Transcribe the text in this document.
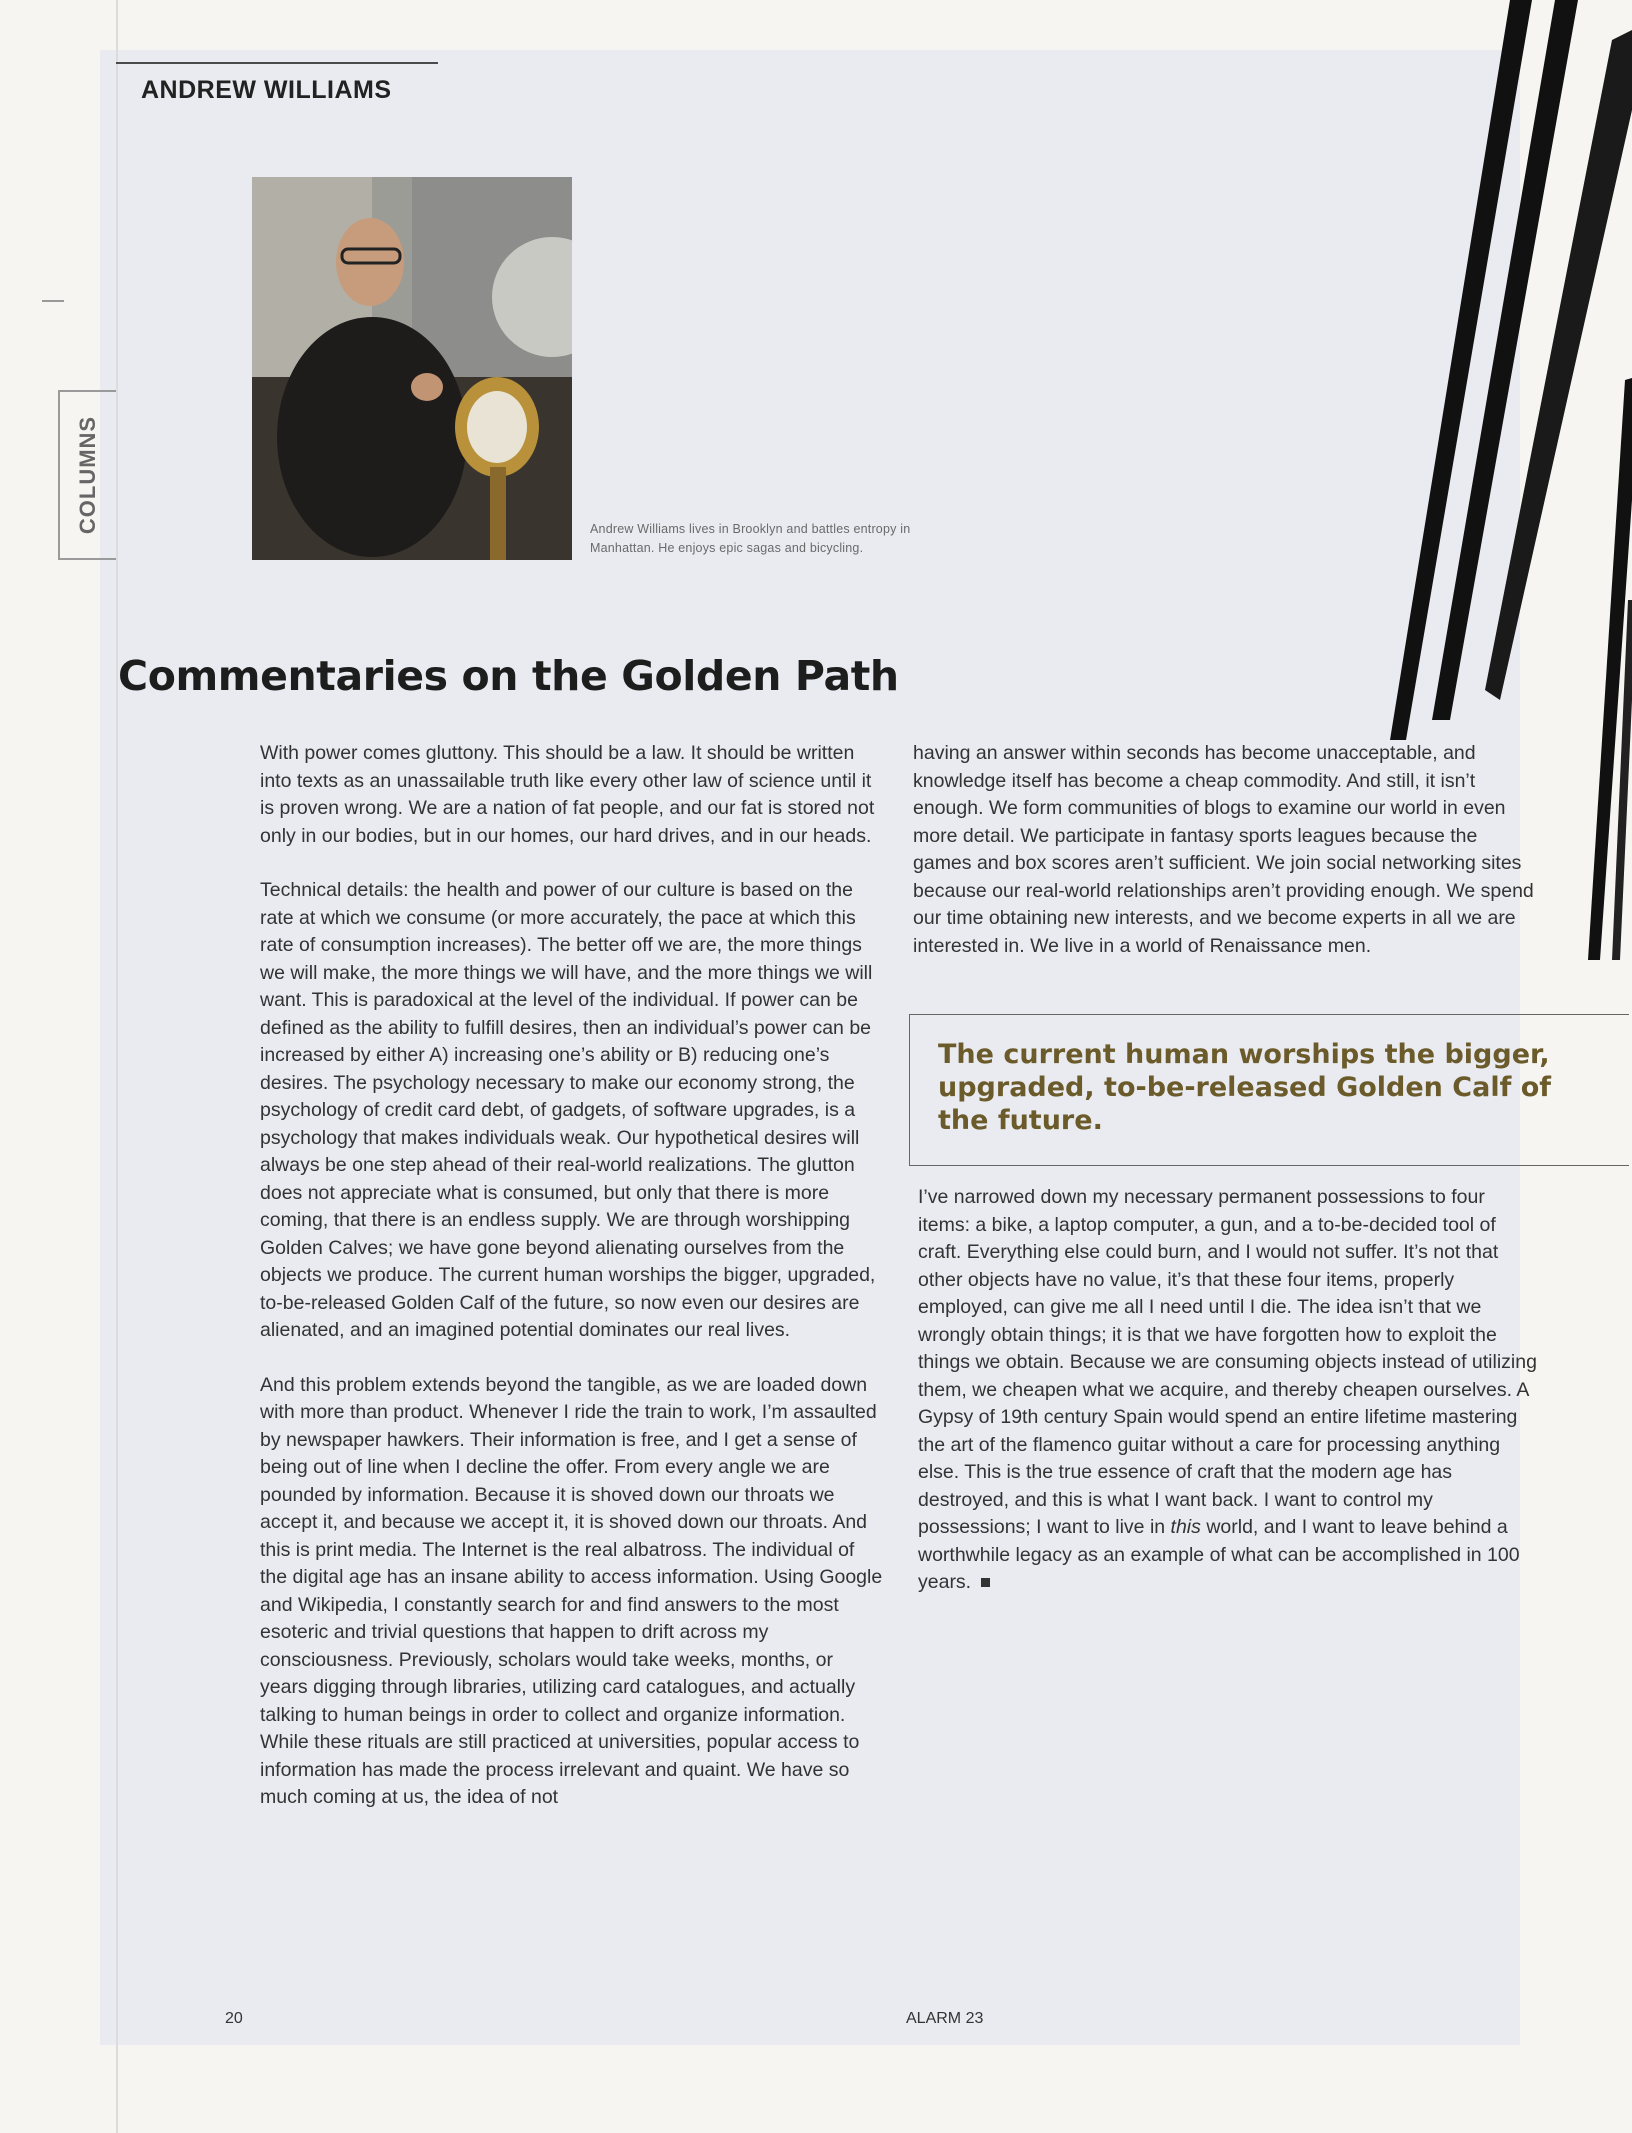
ANDREW WILLIAMS
COLUMNS	Andrew Williams lives in Brooklyn and battles entropy in
Manhattan. He enjoys epic sagas and bicycling.
Commentaries on the Golden Path

With power comes gluttony. This should be a law. It should be written into texts as an unassailable truth like every other law of science until it is proven wrong. We are a nation of fat people, and our fat is stored not only in our bodies, but in our homes, our hard drives, and in our heads.

Technical details: the health and power of our culture is based on the rate at which we consume (or more accurately, the pace at which this rate of consumption increases). The better off we are, the more things we will make, the more things we will have, and the more things we will want. This is paradoxical at the level of the individual. If power can be defined as the ability to fulfill desires, then an individual’s power can be increased by either A) increasing one’s ability or B) reducing one’s desires. The psychology necessary to make our economy strong, the psychology of credit card debt, of gadgets, of software upgrades, is a psychology that makes individuals weak. Our hypothetical desires will always be one step ahead of their real-world realizations. The glutton does not appreciate what is consumed, but only that there is more coming, that there is an endless supply. We are through worshipping Golden Calves; we have gone beyond alienating ourselves from the objects we produce. The current human worships the bigger, upgraded, to-be-released Golden Calf of the future, so now even our desires are alienated, and an imagined potential dominates our real lives.

And this problem extends beyond the tangible, as we are loaded down with more than product. Whenever I ride the train to work, I’m assaulted by newspaper hawkers. Their information is free, and I get a sense of being out of line when I decline the offer. From every angle we are pounded by information. Because it is shoved down our throats we accept it, and because we accept it, it is shoved down our throats. And this is print media. The Internet is the real albatross. The individual of the digital age has an insane ability to access information. Using Google and Wikipedia, I constantly search for and find answers to the most esoteric and trivial questions that happen to drift across my consciousness. Previously, scholars would take weeks, months, or years digging through libraries, utilizing card catalogues, and actually talking to human beings in order to collect and organize information. While these rituals are still practiced at universities, popular access to information has made the process irrelevant and quaint. We have so much coming at us, the idea of not

having an answer within seconds has become unacceptable, and knowledge itself has become a cheap commodity. And still, it isn’t enough. We form communities of blogs to examine our world in even more detail. We participate in fantasy sports leagues because the games and box scores aren’t sufficient. We join social networking sites because our real-world relationships aren’t providing enough. We spend our time obtaining new interests, and we become experts in all we are interested in. We live in a world of Renaissance men.

The current human worships the bigger, upgraded, to-be-released Golden Calf of the future.

I’ve narrowed down my necessary permanent possessions to four items: a bike, a laptop computer, a gun, and a to-be-decided tool of craft. Everything else could burn, and I would not suffer. It’s not that other objects have no value, it’s that these four items, properly employed, can give me all I need until I die. The idea isn’t that we wrongly obtain things; it is that we have forgotten how to exploit the things we obtain. Because we are consuming objects instead of utilizing them, we cheapen what we acquire, and thereby cheapen ourselves. A Gypsy of 19th century Spain would spend an entire lifetime mastering the art of the flamenco guitar without a care for processing anything else. This is the true essence of craft that the modern age has destroyed, and this is what I want back. I want to control my possessions; I want to live in this world, and I want to leave behind a worthwhile legacy as an example of what can be accomplished in 100 years.

20	ALARM 23
